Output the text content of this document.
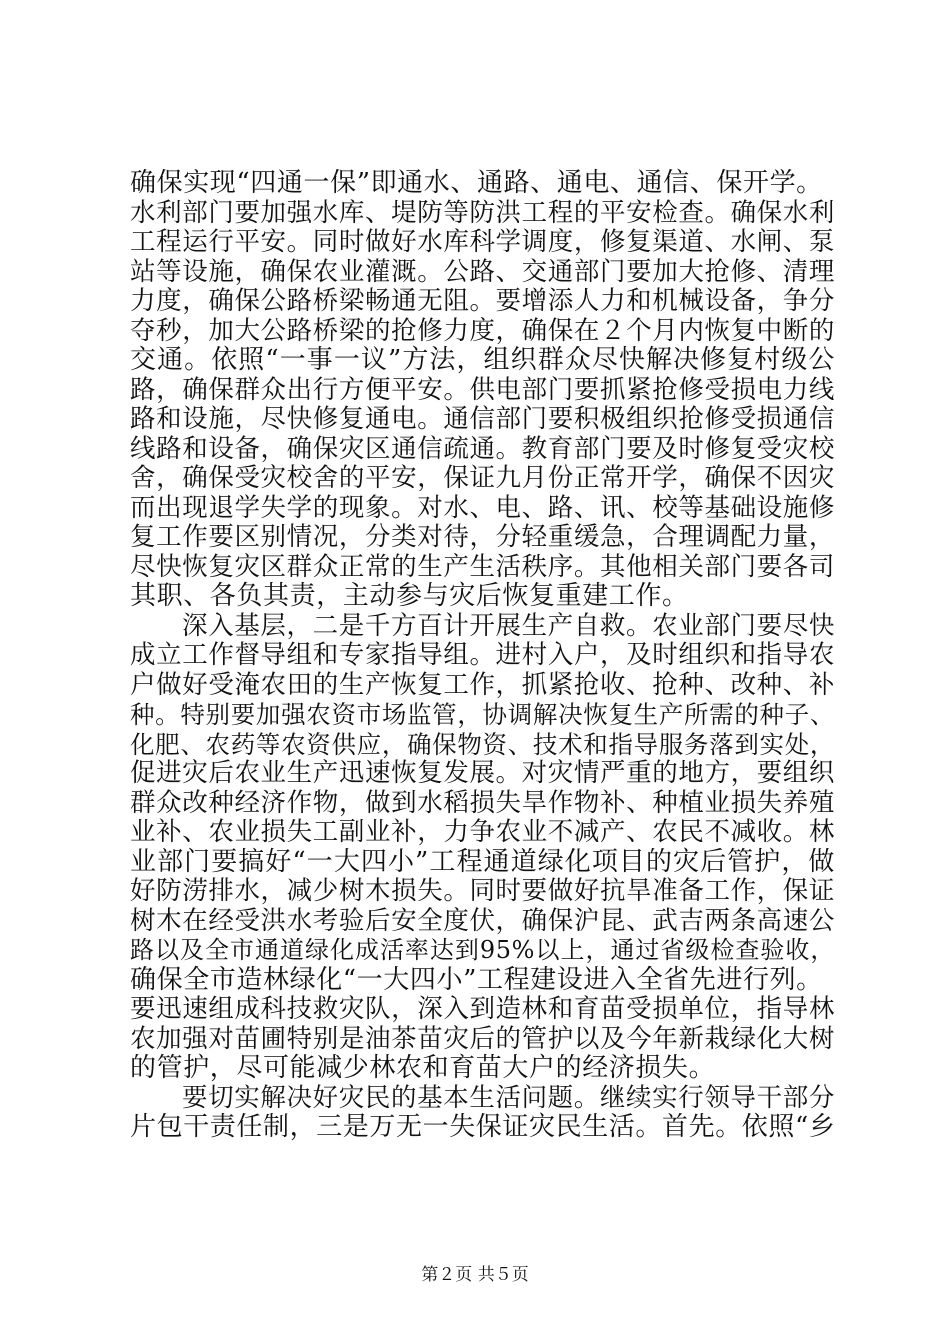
确保实现“四通一保”即通水、通路、通电、通信、保开学。
水利部门要加强水库、堤防等防洪工程的平安检查。确保水利
工程运行平安。同时做好水库科学调度，修复渠道、水闸、泵
站等设施，确保农业灌溉。公路、交通部门要加大抢修、清理
力度，确保公路桥梁畅通无阻。要增添人力和机械设备，争分
夺秒，加大公路桥梁的抢修力度，确保在２个月内恢复中断的
交通。依照“一事一议”方法，组织群众尽快解决修复村级公
路，确保群众出行方便平安。供电部门要抓紧抢修受损电力线
路和设施，尽快修复通电。通信部门要积极组织抢修受损通信
线路和设备，确保灾区通信疏通。教育部门要及时修复受灾校
舍，确保受灾校舍的平安，保证九月份正常开学，确保不因灾
而出现退学失学的现象。对水、电、路、讯、校等基础设施修
复工作要区别情况，分类对待，分轻重缓急，合理调配力量，
尽快恢复灾区群众正常的生产生活秩序。其他相关部门要各司
其职、各负其责，主动参与灾后恢复重建工作。
深入基层，二是千方百计开展生产自救。农业部门要尽快
成立工作督导组和专家指导组。进村入户，及时组织和指导农
户做好受淹农田的生产恢复工作，抓紧抢收、抢种、改种、补
种。特别要加强农资市场监管，协调解决恢复生产所需的种子、
化肥、农药等农资供应，确保物资、技术和指导服务落到实处，
促进灾后农业生产迅速恢复发展。对灾情严重的地方，要组织
群众改种经济作物，做到水稻损失旱作物补、种植业损失养殖
业补、农业损失工副业补，力争农业不减产、农民不减收。林
业部门要搞好“一大四小”工程通道绿化项目的灾后管护，做
好防涝排水，减少树木损失。同时要做好抗旱准备工作，保证
树木在经受洪水考验后安全度伏，确保沪昆、武吉两条高速公
路以及全市通道绿化成活率达到95%以上，通过省级检查验收，
确保全市造林绿化“一大四小”工程建设进入全省先进行列。
要迅速组成科技救灾队，深入到造林和育苗受损单位，指导林
农加强对苗圃特别是油茶苗灾后的管护以及今年新栽绿化大树
的管护，尽可能减少林农和育苗大户的经济损失。
要切实解决好灾民的基本生活问题。继续实行领导干部分
片包干责任制，三是万无一失保证灾民生活。首先。依照“乡
第２页 共５页
